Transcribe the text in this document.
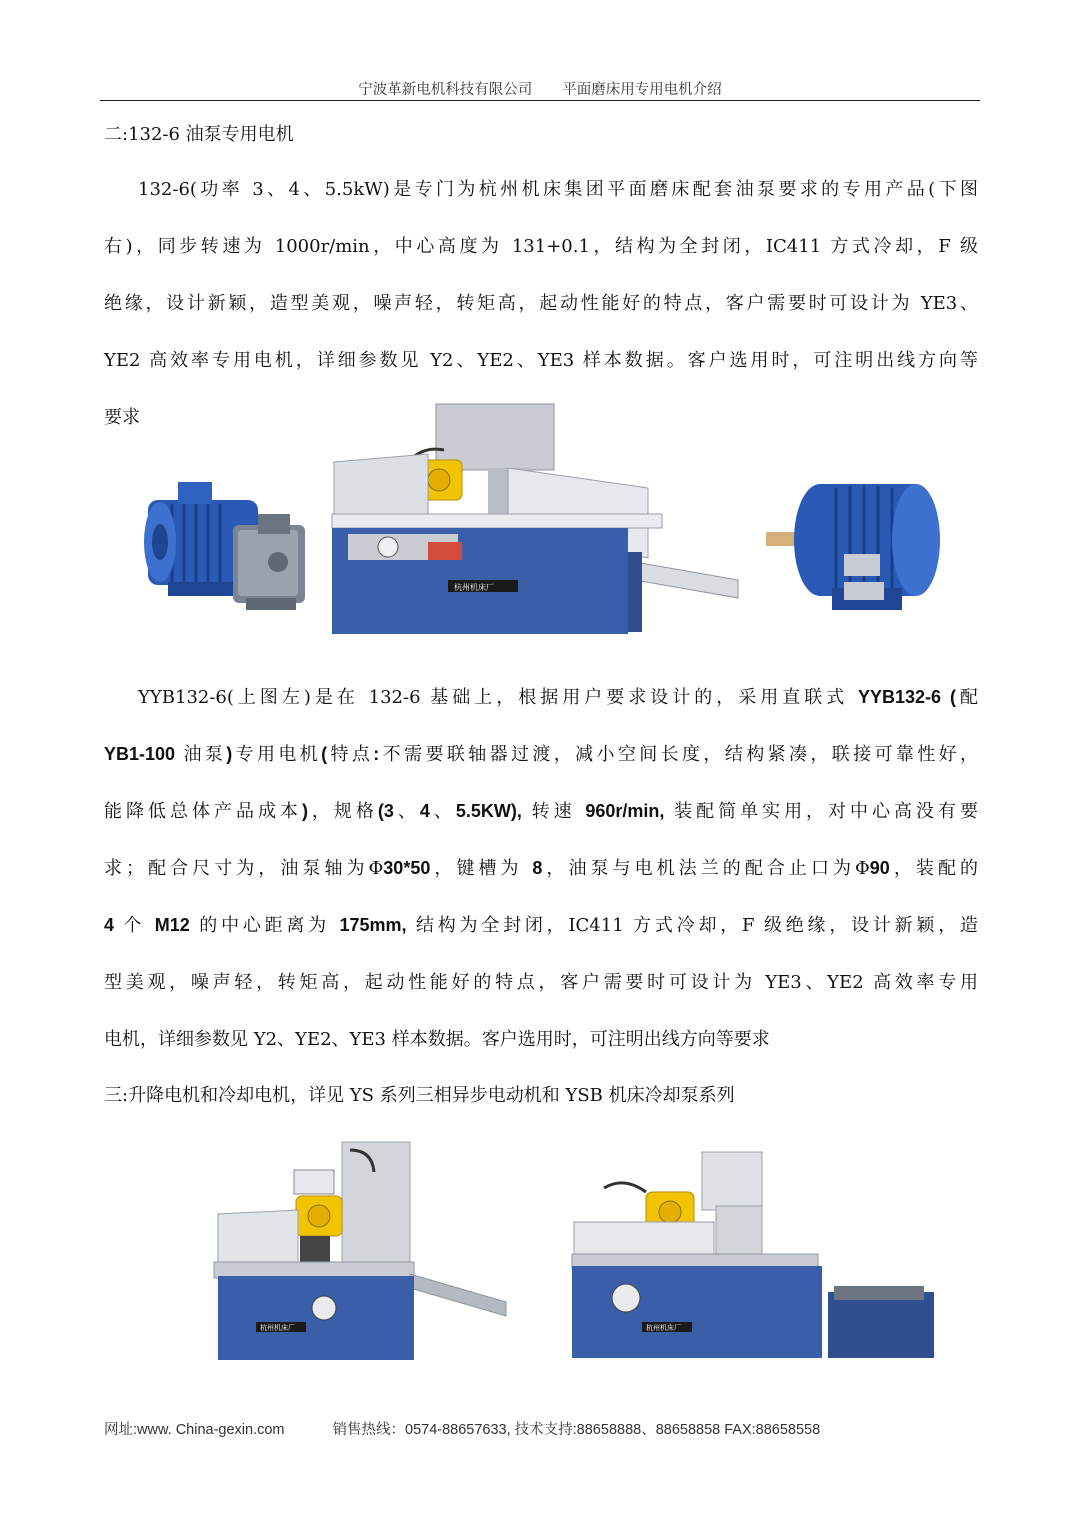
宁波革新电机科技有限公司 平面磨床用专用电机介绍
二:132-6 油泵专用电机
132-6(功率 3、4、5.5kW)是专门为杭州机床集团平面磨床配套油泵要求的专用产品(下图
右)，同步转速为 1000r/min，中心高度为 131+0.1，结构为全封闭，IC411 方式冷却，F 级
绝缘，设计新颖，造型美观，噪声轻，转矩高，起动性能好的特点，客户需要时可设计为 YE3、
YE2 高效率专用电机，详细参数见 Y2、YE2、YE3 样本数据。客户选用时，可注明出线方向等
要求
杭州机床厂
YYB132-6(上图左)是在 132-6 基础上，根据用户要求设计的，采用直联式 YYB132-6 (配
YB1-100 油泵)专用电机(特点:不需要联轴器过渡，减小空间长度，结构紧凑，联接可靠性好，
能降低总体产品成本)，规格(3、4、5.5KW), 转速 960r/min, 装配简单实用，对中心高没有要
求；配合尺寸为，油泵轴为Φ30*50，键槽为 8，油泵与电机法兰的配合止口为Φ90，装配的
4 个 M12 的中心距离为 175mm, 结构为全封闭，IC411 方式冷却，F 级绝缘，设计新颖，造
型美观，噪声轻，转矩高，起动性能好的特点，客户需要时可设计为 YE3、YE2 高效率专用
电机，详细参数见 Y2、YE2、YE3 样本数据。客户选用时，可注明出线方向等要求
三:升降电机和冷却电机，详见 YS 系列三相异步电动机和 YSB 机床冷却泵系列
杭州机床厂	杭州机床厂
网址:www. China-gexin.com	销售热线：0574-88657633, 技术支持:88658888、88658858 FAX:88658558
